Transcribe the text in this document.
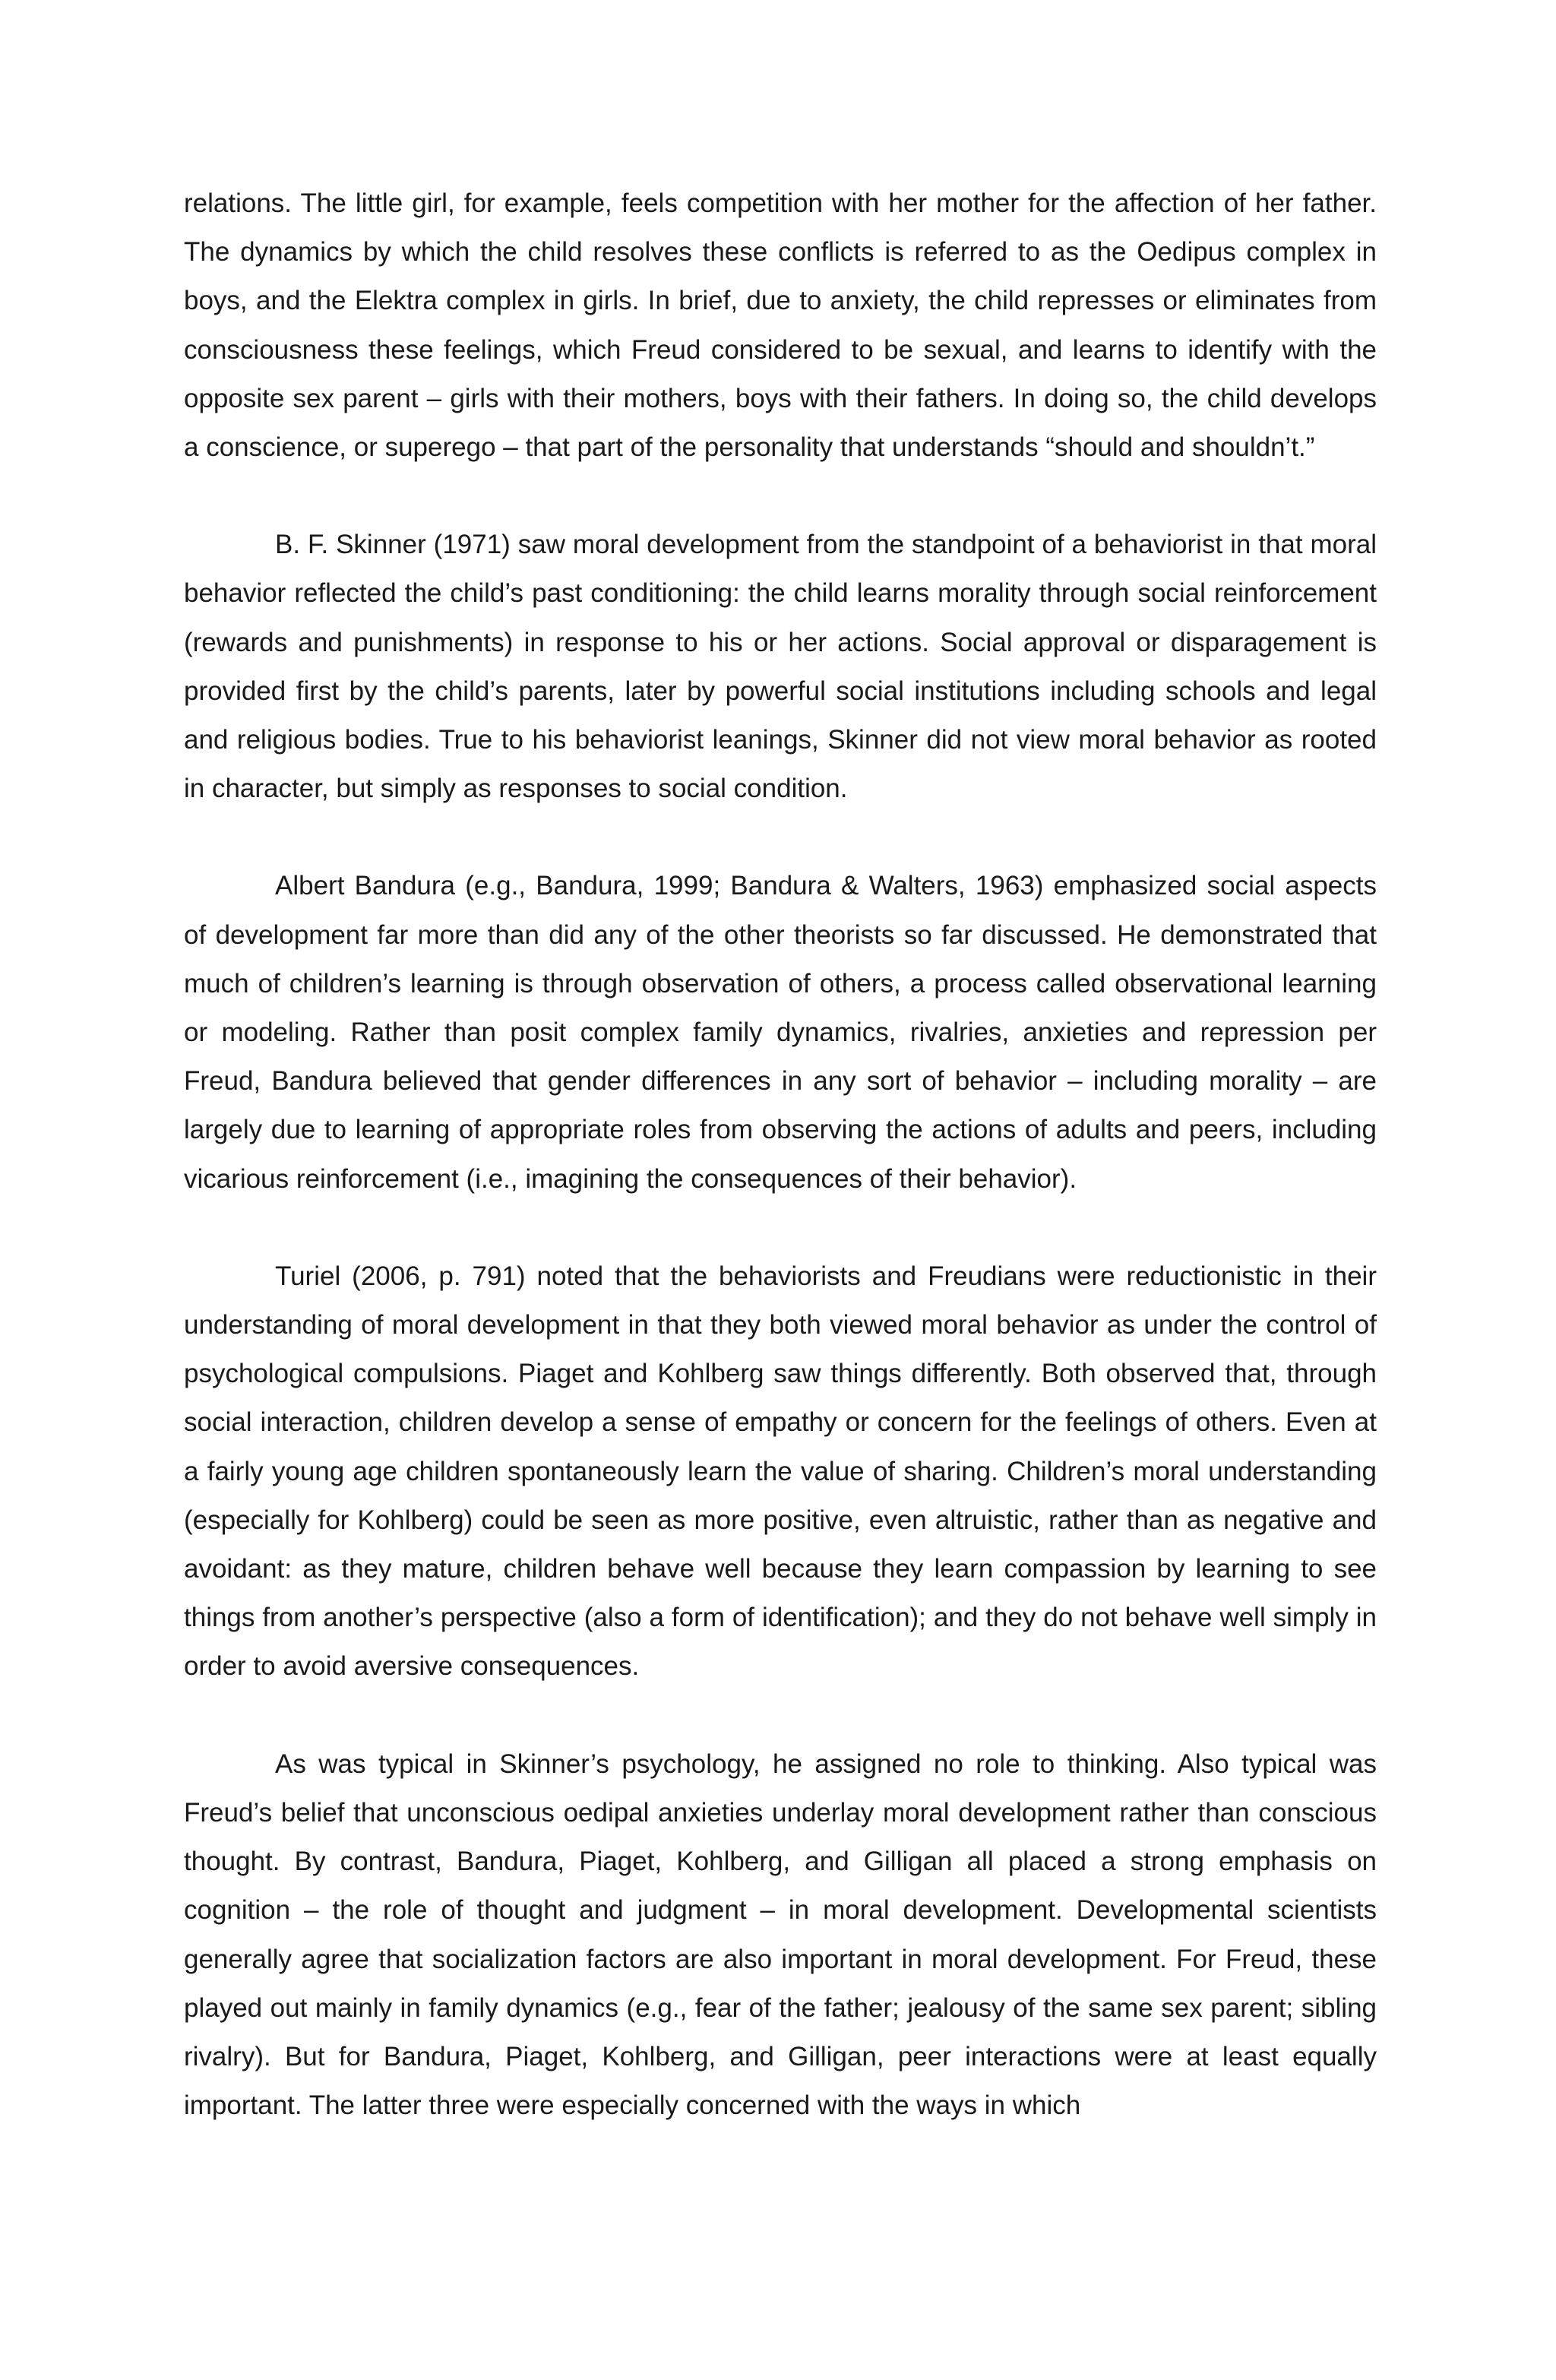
relations. The little girl, for example, feels competition with her mother for the affection of her father. The dynamics by which the child resolves these conflicts is referred to as the Oedipus complex in boys, and the Elektra complex in girls. In brief, due to anxiety, the child represses or eliminates from consciousness these feelings, which Freud considered to be sexual, and learns to identify with the opposite sex parent – girls with their mothers, boys with their fathers. In doing so, the child develops a conscience, or superego – that part of the personality that understands “should and shouldn’t.”

B. F. Skinner (1971) saw moral development from the standpoint of a behaviorist in that moral behavior reflected the child’s past conditioning: the child learns morality through social reinforcement (rewards and punishments) in response to his or her actions. Social approval or disparagement is provided first by the child’s parents, later by powerful social institutions including schools and legal and religious bodies. True to his behaviorist leanings, Skinner did not view moral behavior as rooted in character, but simply as responses to social condition.

Albert Bandura (e.g., Bandura, 1999; Bandura & Walters, 1963) emphasized social aspects of development far more than did any of the other theorists so far discussed. He demonstrated that much of children’s learning is through observation of others, a process called observational learning or modeling. Rather than posit complex family dynamics, rivalries, anxieties and repression per Freud, Bandura believed that gender differences in any sort of behavior – including morality – are largely due to learning of appropriate roles from observing the actions of adults and peers, including vicarious reinforcement (i.e., imagining the consequences of their behavior).

Turiel (2006, p. 791) noted that the behaviorists and Freudians were reductionistic in their understanding of moral development in that they both viewed moral behavior as under the control of psychological compulsions. Piaget and Kohlberg saw things differently. Both observed that, through social interaction, children develop a sense of empathy or concern for the feelings of others. Even at a fairly young age children spontaneously learn the value of sharing. Children’s moral understanding (especially for Kohlberg) could be seen as more positive, even altruistic, rather than as negative and avoidant: as they mature, children behave well because they learn compassion by learning to see things from another’s perspective (also a form of identification); and they do not behave well simply in order to avoid aversive consequences.

As was typical in Skinner’s psychology, he assigned no role to thinking. Also typical was Freud’s belief that unconscious oedipal anxieties underlay moral development rather than conscious thought. By contrast, Bandura, Piaget, Kohlberg, and Gilligan all placed a strong emphasis on cognition – the role of thought and judgment – in moral development. Developmental scientists generally agree that socialization factors are also important in moral development. For Freud, these played out mainly in family dynamics (e.g., fear of the father; jealousy of the same sex parent; sibling rivalry). But for Bandura, Piaget, Kohlberg, and Gilligan, peer interactions were at least equally important. The latter three were especially concerned with the ways in which
